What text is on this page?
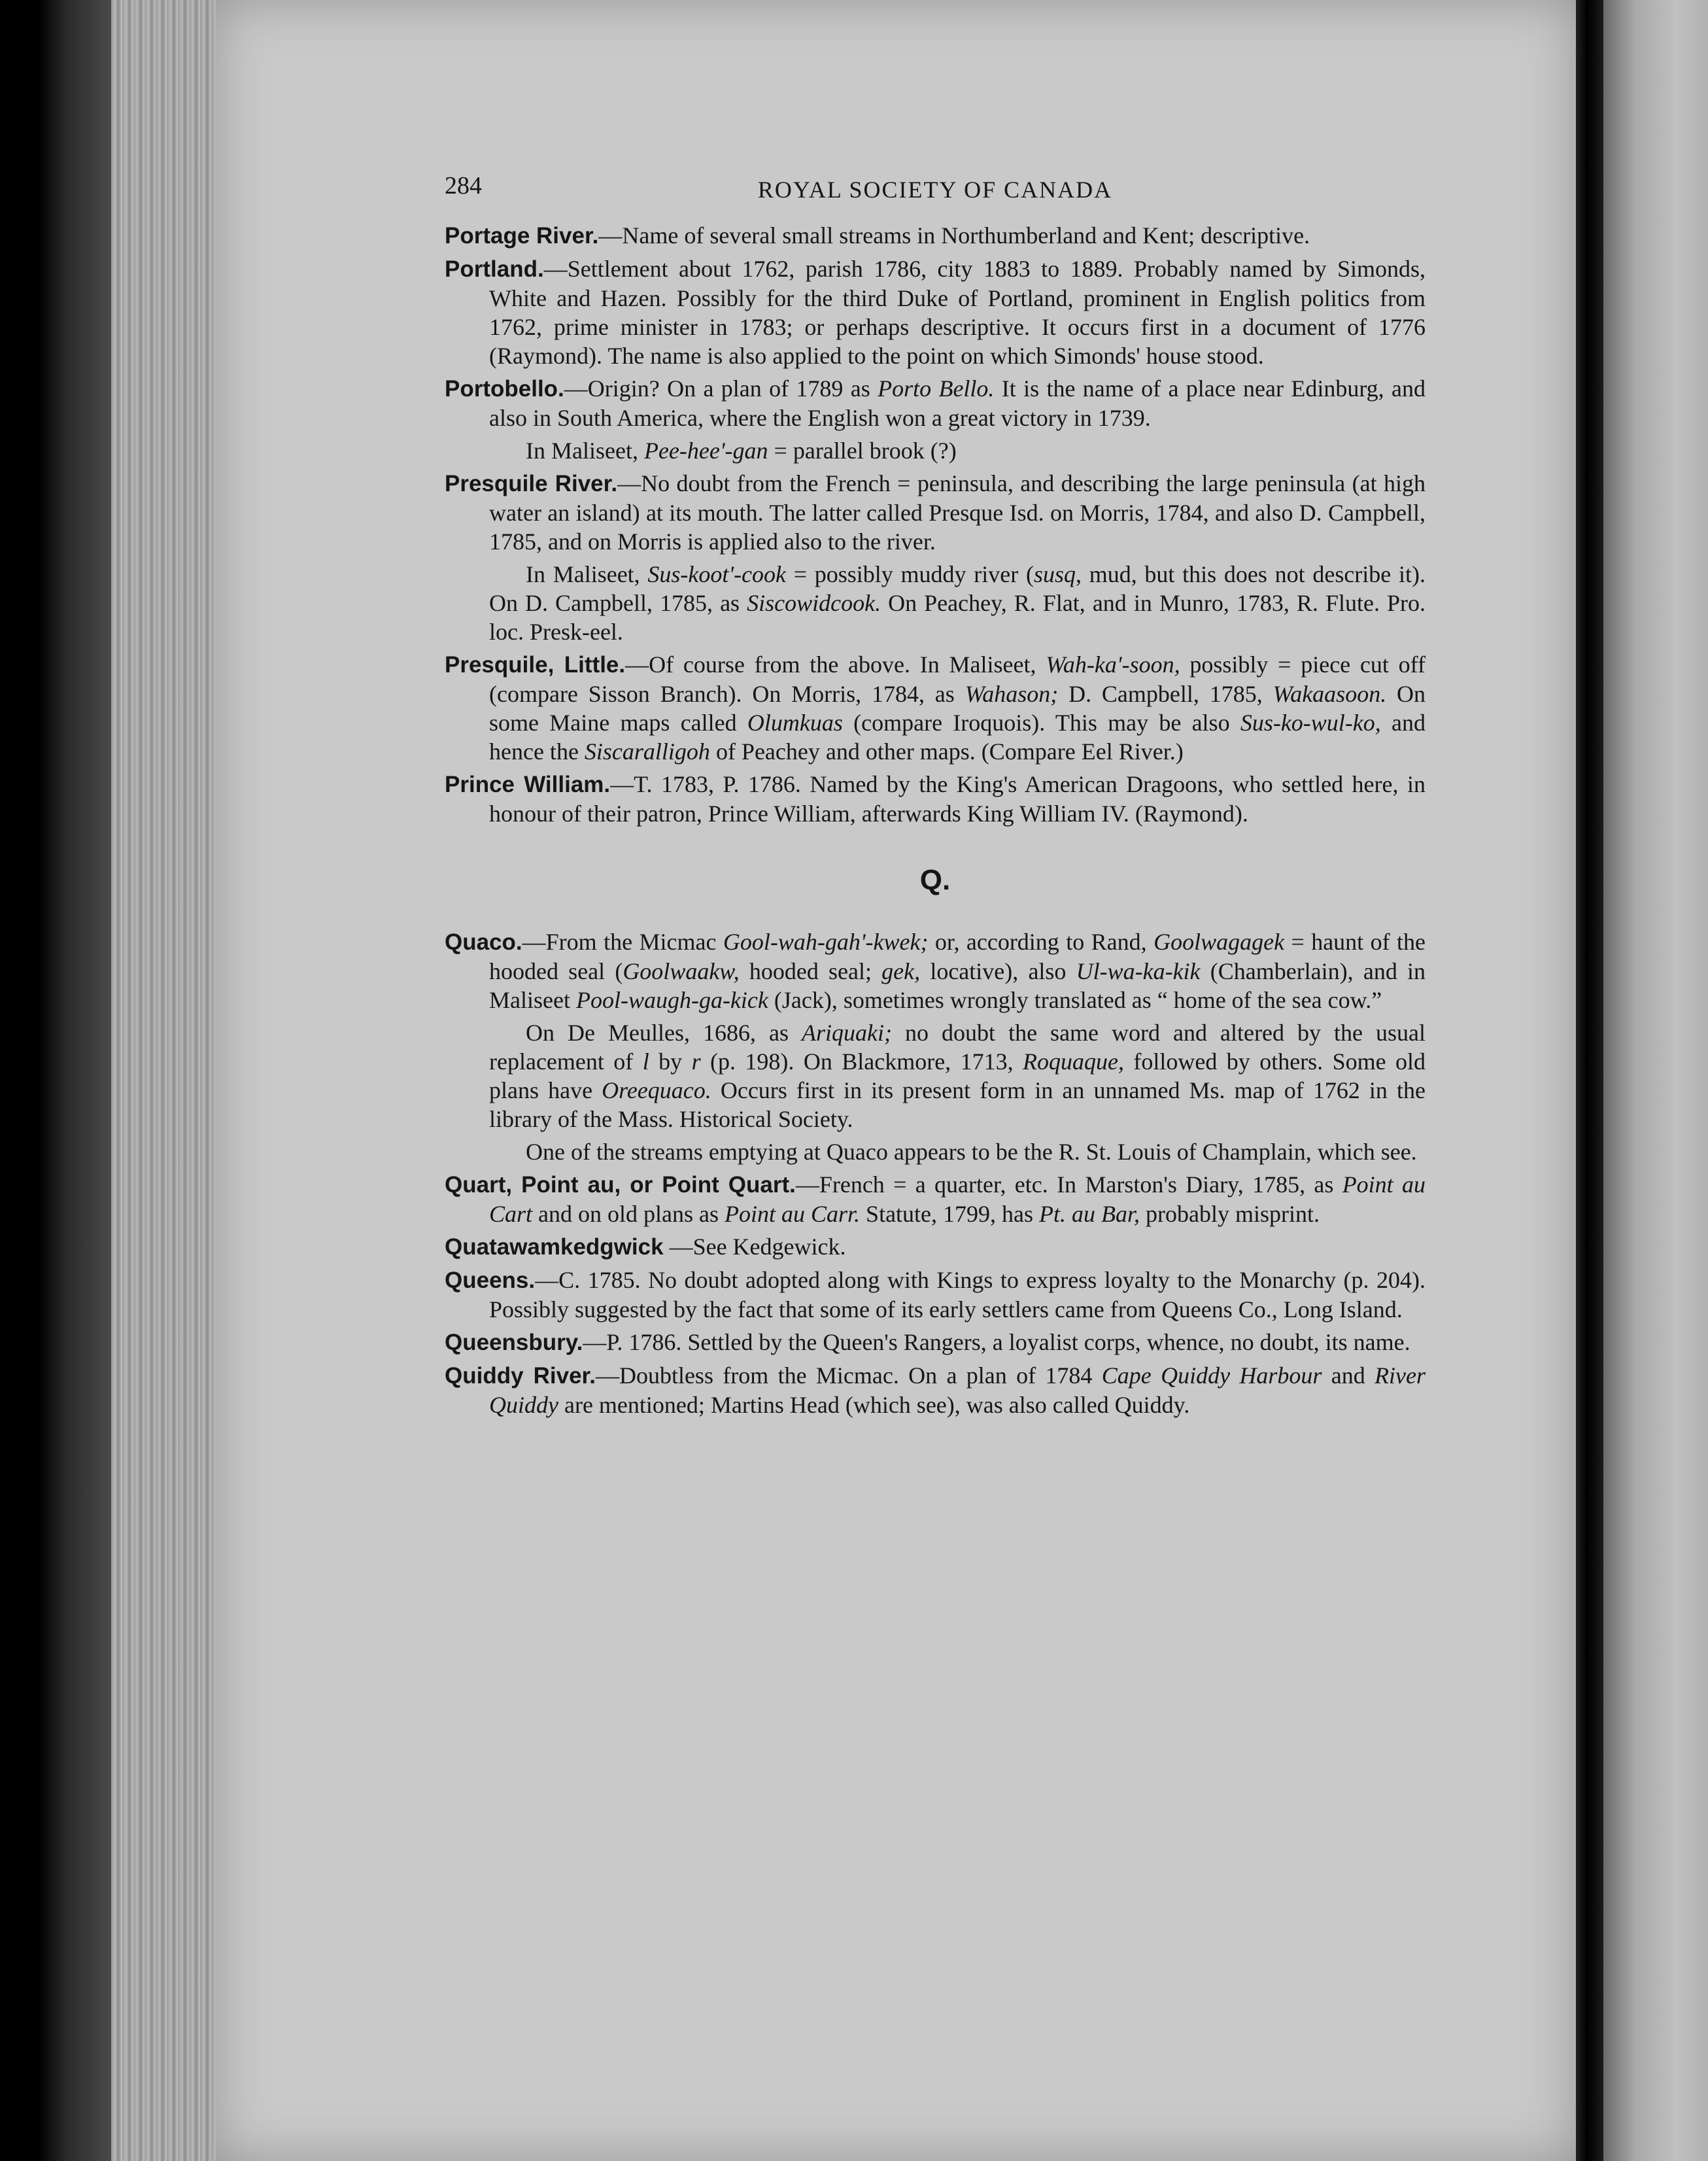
284	ROYAL SOCIETY OF CANADA

Portage River.—Name of several small streams in Northumberland and Kent; descriptive.

Portland.—Settlement about 1762, parish 1786, city 1883 to 1889. Probably named by Simonds, White and Hazen. Possibly for the third Duke of Portland, prominent in English politics from 1762, prime minister in 1783; or perhaps descriptive. It occurs first in a document of 1776 (Raymond). The name is also applied to the point on which Simonds' house stood.

Portobello.—Origin? On a plan of 1789 as Porto Bello. It is the name of a place near Edinburg, and also in South America, where the English won a great victory in 1739.

In Maliseet, Pee-hee'-gan = parallel brook (?)

Presquile River.—No doubt from the French = peninsula, and describing the large peninsula (at high water an island) at its mouth. The latter called Presque Isd. on Morris, 1784, and also D. Campbell, 1785, and on Morris is applied also to the river.

In Maliseet, Sus-koot'-cook = possibly muddy river (susq, mud, but this does not describe it). On D. Campbell, 1785, as Siscowidcook. On Peachey, R. Flat, and in Munro, 1783, R. Flute. Pro. loc. Presk-eel.

Presquile, Little.—Of course from the above. In Maliseet, Wah-ka'-soon, possibly = piece cut off (compare Sisson Branch). On Morris, 1784, as Wahason; D. Campbell, 1785, Wakaasoon. On some Maine maps called Olumkuas (compare Iroquois). This may be also Sus-ko-wul-ko, and hence the Siscaralligoh of Peachey and other maps. (Compare Eel River.)

Prince William.—T. 1783, P. 1786. Named by the King's American Dragoons, who settled here, in honour of their patron, Prince William, afterwards King William IV. (Raymond).

Q.

Quaco.—From the Micmac Gool-wah-gah'-kwek; or, according to Rand, Goolwagagek = haunt of the hooded seal (Goolwaakw, hooded seal; gek, locative), also Ul-wa-ka-kik (Chamberlain), and in Maliseet Pool-waugh-ga-kick (Jack), sometimes wrongly translated as “ home of the sea cow.”

On De Meulles, 1686, as Ariquaki; no doubt the same word and altered by the usual replacement of l by r (p. 198). On Blackmore, 1713, Roquaque, followed by others. Some old plans have Oreequaco. Occurs first in its present form in an unnamed Ms. map of 1762 in the library of the Mass. Historical Society.

One of the streams emptying at Quaco appears to be the R. St. Louis of Champlain, which see.

Quart, Point au, or Point Quart.—French = a quarter, etc. In Marston's Diary, 1785, as Point au Cart and on old plans as Point au Carr. Statute, 1799, has Pt. au Bar, probably misprint.

Quatawamkedgwick —See Kedgewick.

Queens.—C. 1785. No doubt adopted along with Kings to express loyalty to the Monarchy (p. 204). Possibly suggested by the fact that some of its early settlers came from Queens Co., Long Island.

Queensbury.—P. 1786. Settled by the Queen's Rangers, a loyalist corps, whence, no doubt, its name.

Quiddy River.—Doubtless from the Micmac. On a plan of 1784 Cape Quiddy Harbour and River Quiddy are mentioned; Martins Head (which see), was also called Quiddy.
